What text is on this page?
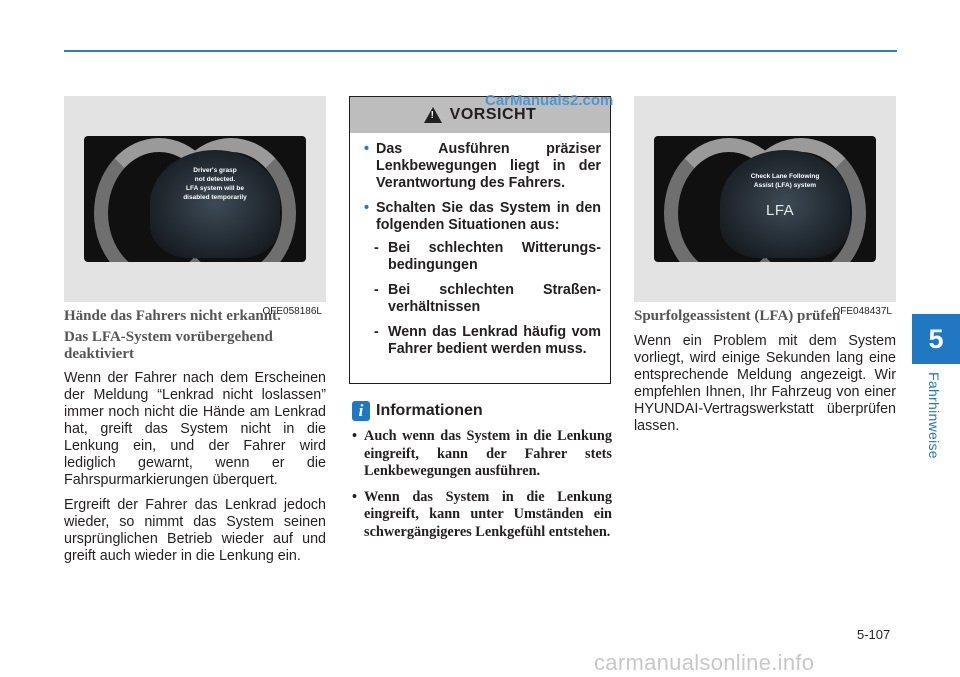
5
Fahrhinweise
Driver's grasp
not detected.
LFA system will be
disabled temporarily
OFE058186L
Hände das Fahrers nicht erkannt.
Das LFA-System vorübergehend deaktiviert

Wenn der Fahrer nach dem Erscheinen der Meldung “Lenkrad nicht loslassen” immer noch nicht die Hände am Lenkrad hat, greift das System nicht in die Lenkung ein, und der Fahrer wird lediglich gewarnt, wenn er die Fahrspurmarkierungen überquert.

Ergreift der Fahrer das Lenkrad jedoch wieder, so nimmt das System seinen ursprünglichen Betrieb wieder auf und greift auch wieder in die Lenkung ein.

! VORSICHT
• Das Ausführen präziser Lenkbewegungen liegt in der Verantwortung des Fahrers.
• Schalten Sie das System in den folgenden Situationen aus:
- Bei schlechten Witterungs-bedingungen
- Bei schlechten Straßen-verhältnissen
- Wenn das Lenkrad häufig vom Fahrer bedient werden muss.
i Informationen
• Auch wenn das System in die Lenkung eingreift, kann der Fahrer stets Lenkbewegungen ausführen.
• Wenn das System in die Lenkung eingreift, kann unter Umständen ein schwergängigeres Lenkgefühl entstehen.
Check Lane Following
Assist (LFA) system
LFA
OFE048437L
Spurfolgeassistent (LFA) prüfen
Wenn ein Problem mit dem System vorliegt, wird einige Sekunden lang eine entsprechende Meldung angezeigt. Wir empfehlen Ihnen, Ihr Fahrzeug von einer HYUNDAI-Vertragswerkstatt überprüfen lassen.
CarManuals2.com
5-107
carmanualsonline.info
